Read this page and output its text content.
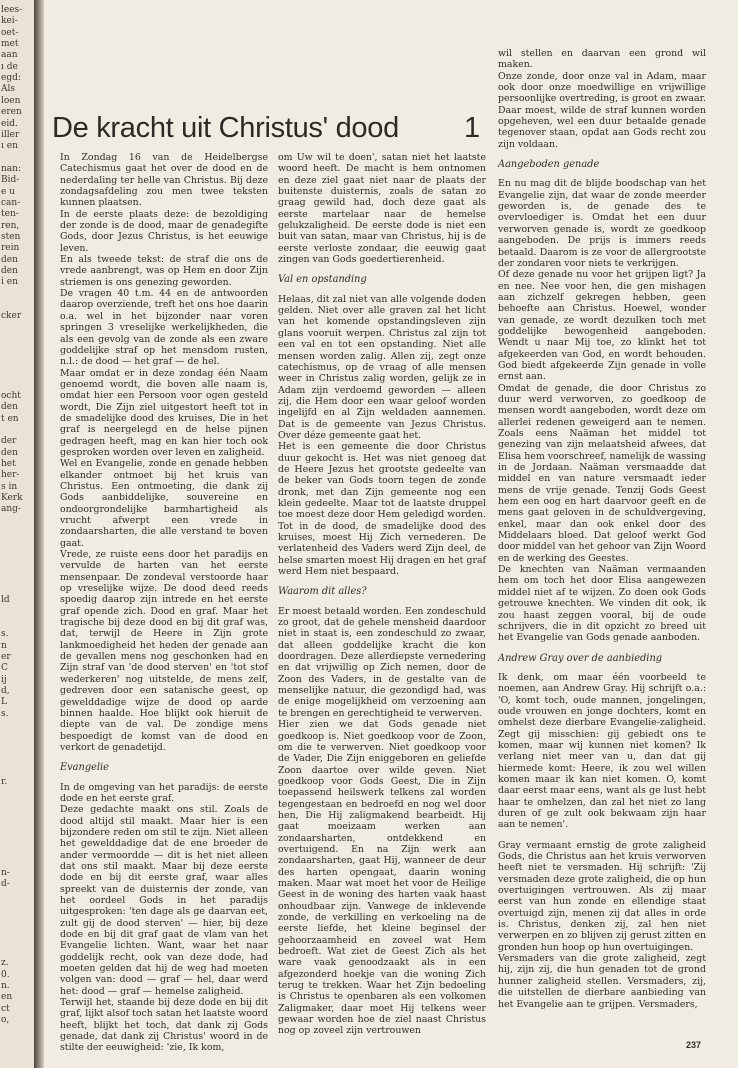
lees-
kei-
oet-
met
aan
ı de
egd:
Als
loen
eren
eid.
iller
ı en
nan:
Bid-
e u
can-
ten-
ren,
sten
rein
den
den
i en
cker
ocht
den
t en
der
den
het
her-
s in
Kerk
ang-
ld
s.
n
er
C
ij
d,
L
s.
r.
n-
d-
z.
0.
n.
en
ct
o,
De kracht uit Christus' dood 1

In Zondag 16 van de Heidelbergse Catechismus gaat het over de dood en de nederdaling ter helle van Christus. Bij deze zondagsafdeling zou men twee teksten kunnen plaatsen.

In de eerste plaats deze: de bezoldiging der zonde is de dood, maar de genadegifte Gods, door Jezus Christus, is het eeuwige leven.

En als tweede tekst: de straf die ons de vrede aanbrengt, was op Hem en door Zijn striemen is ons genezing geworden.

De vragen 40 t.m. 44 en de antwoorden daarop overziende, treft het ons hoe daarin o.a. wel in het bijzonder naar voren springen 3 vreselijke werkelijkheden, die als een gevolg van de zonde als een zware goddelijke straf op het mensdom rusten, n.l.: de dood — het graf — de hel.

Maar omdat er in deze zondag één Naam genoemd wordt, die boven alle naam is, omdat hier een Persoon voor ogen gesteld wordt, Die Zijn ziel uitgestort heeft tot in de smadelijke dood des kruises, Die in het graf is neergelegd en de helse pijnen gedragen heeft, mag en kan hier toch ook gesproken worden over leven en zaligheid.

Wel en Evangelie, zonde en genade hebben elkander ontmoet bij het kruis van Christus. Een ontmoeting, die dank zij Gods aanbiddelijke, souvereine en ondoorgrondelijke barmhartigheid als vrucht afwerpt een vrede in zondaarsharten, die alle verstand te boven gaat.

Vrede, ze ruiste eens door het paradijs en vervulde de harten van het eerste mensenpaar. De zondeval verstoorde haar op vreselijke wijze. De dood deed reeds spoedig daarop zijn intrede en het eerste graf opende zich. Dood en graf. Maar het tragische bij deze dood en bij dit graf was, dat, terwijl de Heere in Zijn grote lankmoedigheid het heden der genade aan de gevallen mens nog geschonken had en Zijn straf van 'de dood sterven' en 'tot stof wederkeren' nog uitstelde, de mens zelf, gedreven door een satanische geest, op gewelddadige wijze de dood op aarde binnen haalde. Hoe blijkt ook hieruit de diepte van de val. De zondige mens bespoedigt de komst van de dood en verkort de genadetijd.

Evangelie

In de omgeving van het paradijs: de eerste dode en het eerste graf.

Deze gedachte maakt ons stil. Zoals de dood altijd stil maakt. Maar hier is een bijzondere reden om stil te zijn. Niet alleen het gewelddadige dat de ene broeder de ander vermoordde — dit is het niet alleen dat ons stil maakt. Maar bij deze eerste dode en bij dit eerste graf, waar alles spreekt van de duisternis der zonde, van het oordeel Gods in het paradijs uitgesproken: 'ten dage als ge daarvan eet, zult gij de dood sterven' — hier, bij deze dode en bij dit graf gaat de vlam van het Evangelie lichten. Want, waar het naar goddelijk recht, ook van deze dode, had moeten gelden dat hij de weg had moeten volgen van: dood — graf — hel, daar werd het: dood — graf — hemelse zaligheid.

Terwijl het, staande bij deze dode en bij dit graf, lijkt alsof toch satan het laatste woord heeft, blijkt het toch, dat dank zij Gods genade, dat dank zij Christus' woord in de stilte der eeuwigheid: 'zie, Ik kom,

om Uw wil te doen', satan niet het laatste woord heeft. De macht is hem ontnomen en deze ziel gaat niet naar de plaats der buitenste duisternis, zoals de satan zo graag gewild had, doch deze gaat als eerste martelaar naar de hemelse gelukzaligheid. De eerste dode is niet een buit van satan, maar van Christus, hij is de eerste verloste zondaar, die eeuwig gaat zingen van Gods goedertierenheid.

Val en opstanding

Helaas, dit zal niet van alle volgende doden gelden. Niet over alle graven zal het licht van het komende opstandingsleven zijn glans vooruit werpen. Christus zal zijn tot een val en tot een opstanding. Niet alle mensen worden zalig. Allen zij, zegt onze catechismus, op de vraag of alle mensen weer in Christus zalig worden, gelijk ze in Adam zijn verdoemd geworden — alleen zij, die Hem door een waar geloof worden ingelijfd en al Zijn weldaden aannemen. Dat is de gemeente van Jezus Christus. Over déze gemeente gaat het.

Het is een gemeente die door Christus duur gekocht is. Het was niet genoeg dat de Heere Jezus het grootste gedeelte van de beker van Gods toorn tegen de zonde dronk, met dan Zijn gemeente nog een klein gedeelte. Maar tot de laatste druppel toe moest deze door Hem geledigd worden. Tot in de dood, de smadelijke dood des kruises, moest Hij Zich vernederen. De verlatenheid des Vaders werd Zijn deel, de helse smarten moest Hij dragen en het graf werd Hem niet bespaard.

Waarom dit alles?

Er moest betaald worden. Een zondeschuld zo groot, dat de gehele mensheid daardoor niet in staat is, een zondeschuld zo zwaar, dat alleen goddelijke kracht die kon doordragen. Deze allerdiepste vernedering en dat vrijwillig op Zich nemen, door de Zoon des Vaders, in de gestalte van de menselijke natuur, die gezondigd had, was de enige mogelijkheid om verzoening aan te brengen en gerechtigheid te verwerven.

Hier zien we dat Gods genade niet goedkoop is. Niet goedkoop voor de Zoon, om die te verwerven. Niet goedkoop voor de Vader, Die Zijn eniggeboren en geliefde Zoon daartoe over wilde geven. Niet goedkoop voor Gods Geest, Die in Zijn toepassend heilswerk telkens zal worden tegengestaan en bedroefd en nog wel door hen, Die Hij zaligmakend bearbeidt. Hij gaat moeizaam werken aan zondaarsharten, ontdekkend en overtuigend. En na Zijn werk aan zondaarsharten, gaat Hij, wanneer de deur des harten opengaat, daarin woning maken. Maar wat moet het voor de Heilige Geest in de woning des harten vaak haast onhoudbaar zijn. Vanwege de inklevende zonde, de verkilling en verkoeling na de eerste liefde, het kleine beginsel der gehoorzaamheid en zoveel wat Hem bedroeft. Wat ziet de Geest Zich als het ware vaak genoodzaakt als in een afgezonderd hoekje van die woning Zich terug te trekken. Waar het Zijn bedoeling is Christus te openbaren als een volkomen Zaligmaker, daar moet Hij telkens weer gewaar worden hoe de ziel naast Christus nog op zoveel zijn vertrouwen

wil stellen en daarvan een grond wil maken.

Onze zonde, door onze val in Adam, maar ook door onze moedwillige en vrijwillige persoonlijke overtreding, is groot en zwaar. Daar moest, wilde de straf kunnen worden opgeheven, wel een duur betaalde genade tegenover staan, opdat aan Gods recht zou zijn voldaan.

Aangeboden genade

En nu mag dit de blijde boodschap van het Evangelie zijn, dat waar de zonde meerder geworden is, de genade des te overvloediger is. Omdat het een duur verworven genade is, wordt ze goedkoop aangeboden. De prijs is immers reeds betaald. Daarom is ze voor de allergrootste der zondaren voor niets te verkrijgen.

Of deze genade nu voor het grijpen ligt? Ja en nee. Nee voor hen, die gen mishagen aan zichzelf gekregen hebben, geen behoefte aan Christus. Hoewel, wonder van genade, ze wordt dezulken toch met goddelijke bewogenheid aangeboden. Wendt u naar Mij toe, zo klinkt het tot afgekeerden van God, en wordt behouden. God biedt afgekeerde Zijn genade in volle ernst aan.

Omdat de genade, die door Christus zo duur werd verworven, zo goedkoop de mensen wordt aangeboden, wordt deze om allerlei redenen geweigerd aan te nemen. Zoals eens Naäman het middel tot genezing van zijn melaatsheid afwees, dat Elisa hem voorschreef, namelijk de wassing in de Jordaan. Naäman versmaadde dat middel en van nature versmaadt ieder mens de vrije genade. Tenzij Gods Geest hem een oog en hart daarvoor geeft en de mens gaat geloven in de schuldvergeving, enkel, maar dan ook enkel door des Middelaars bloed. Dat geloof werkt God door middel van het gehoor van Zijn Woord en de werking des Geestes.

De knechten van Naäman vermaanden hem om toch het door Elisa aangewezen middel niet af te wijzen. Zo doen ook Gods getrouwe knechten. We vinden dit ook, ik zou haast zeggen vooral, bij de oude schrijvers, die in dit opzicht zo breed uit het Evangelie van Gods genade aanboden.

Andrew Gray over de aanbieding

Ik denk, om maar één voorbeeld te noemen, aan Andrew Gray. Hij schrijft o.a.: 'O, komt toch, oude mannen, jongelingen, oude vrouwen en jonge dochters, komt en omhelst deze dierbare Evangelie-zaligheid. Zegt gij misschien: gij gebiedt ons te komen, maar wij kunnen niet komen? Ik verlang niet meer van u, dan dat gij hiermede komt: Heere, ik zou wel willen komen maar ik kan niet komen. O, komt daar eerst maar eens, want als ge lust hebt haar te omhelzen, dan zal het niet zo lang duren of ge zult ook bekwaam zijn haar aan te nemen'.

Gray vermaant ernstig de grote zaligheid Gods, die Christus aan het kruis verworven heeft niet te versmaden. Hij schrijft: 'Zij versmaden deze grote zaligheid, die op hun overtuigingen vertrouwen. Als zij maar eerst van hun zonde en ellendige staat overtuigd zijn, menen zij dat alles in orde is. Christus, denken zij, zal hen niet verwerpen en zo blijven zij gerust zitten en gronden hun hoop op hun overtuigingen.

Versmaders van die grote zaligheid, zegt hij, zijn zij, die hun genaden tot de grond hunner zaligheid stellen. Versmaders, zij, die uitstellen de dierbare aanbieding van het Evangelie aan te grijpen. Versmaders,

237
